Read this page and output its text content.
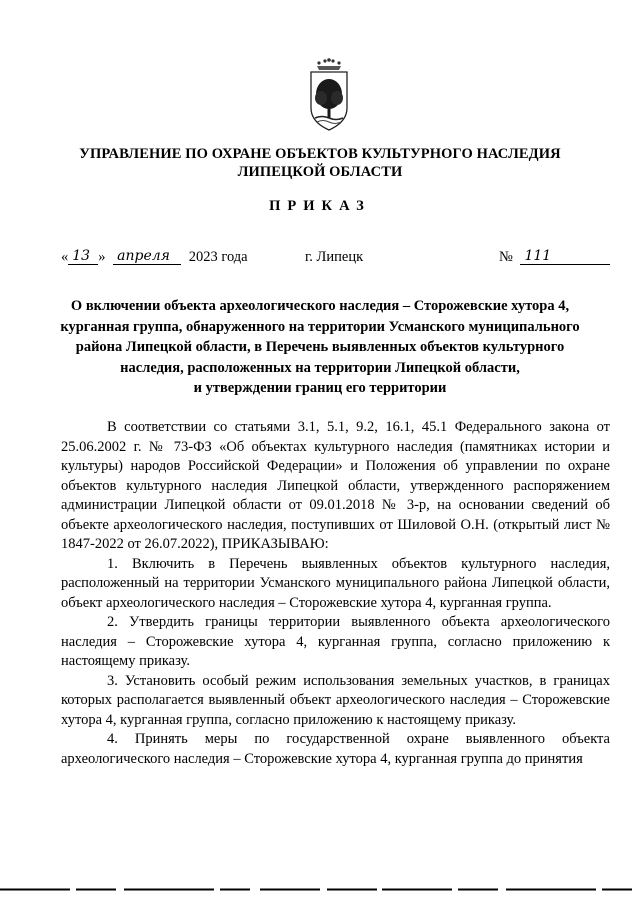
УПРАВЛЕНИЕ ПО ОХРАНЕ ОБЪЕКТОВ КУЛЬТУРНОГО НАСЛЕДИЯ
ЛИПЕЦКОЙ ОБЛАСТИ
ПРИКАЗ
« 13 » апреля 2023 года	г. Липецк	№ 111
О включении объекта археологического наследия – Сторожевские хутора 4,
курганная группа, обнаруженного на территории Усманского муниципального
района Липецкой области, в Перечень выявленных объектов культурного
наследия, расположенных на территории Липецкой области,
и утверждении границ его территории

В соответствии со статьями 3.1, 5.1, 9.2, 16.1, 45.1 Федерального закона от 25.06.2002 г. № 73-ФЗ «Об объектах культурного наследия (памятниках истории и культуры) народов Российской Федерации» и Положения об управлении по охране объектов культурного наследия Липецкой области, утвержденного распоряжением администрации Липецкой области от 09.01.2018 № 3-р, на основании сведений об объекте археологического наследия, поступивших от Шиловой О.Н. (открытый лист № 1847-2022 от 26.07.2022), ПРИКАЗЫВАЮ:

1. Включить в Перечень выявленных объектов культурного наследия, расположенный на территории Усманского муниципального района Липецкой области, объект археологического наследия – Сторожевские хутора 4, курганная группа.

2. Утвердить границы территории выявленного объекта археологического наследия – Сторожевские хутора 4, курганная группа, согласно приложению к настоящему приказу.

3. Установить особый режим использования земельных участков, в границах которых располагается выявленный объект археологического наследия – Сторожевские хутора 4, курганная группа, согласно приложению к настоящему приказу.

4. Принять меры по государственной охране выявленного объекта археологического наследия – Сторожевские хутора 4, курганная группа до принятия
